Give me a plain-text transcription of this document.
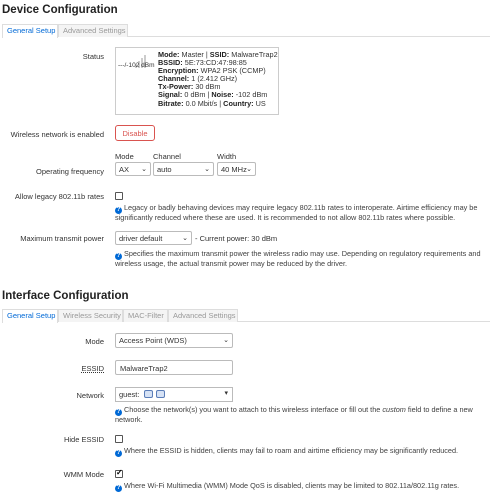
Device Configuration
General Setup	Advanced Settings
Status
---/-102 dBm
Mode: Master | SSID: MalwareTrap2
BSSID: 5E:73:CD:47:98:85
Encryption: WPA2 PSK (CCMP)
Channel: 1 (2.412 GHz)
Tx-Power: 30 dBm
Signal: 0 dBm | Noise: -102 dBm
Bitrate: 0.0 Mbit/s | Country: US
Wireless network is enabled	Disable
Mode	Channel	Width
Operating frequency	AX ⌄	auto	⌄	40 MHz ⌄
Allow legacy 802.11b rates
? Legacy or badly behaving devices may require legacy 802.11b rates to interoperate. Airtime efficiency may be significantly reduced where these are used. It is recommended to not allow 802.11b rates where possible.
Maximum transmit power	driver default	⌄ - Current power: 30 dBm
? Specifies the maximum transmit power the wireless radio may use. Depending on regulatory requirements and wireless usage, the actual transmit power may be reduced by the driver.
Interface Configuration
General Setup	Wireless Security MAC-Filter	Advanced Settings
Mode	Access Point (WDS)	⌄
ESSID	MalwareTrap2
Network	guest:	▾
? Choose the network(s) you want to attach to this wireless interface or fill out the custom field to define a new network.
Hide ESSID
? Where the ESSID is hidden, clients may fail to roam and airtime efficiency may be significantly reduced.
WMM Mode
✓
? Where Wi-Fi Multimedia (WMM) Mode QoS is disabled, clients may be limited to 802.11a/802.11g rates.
